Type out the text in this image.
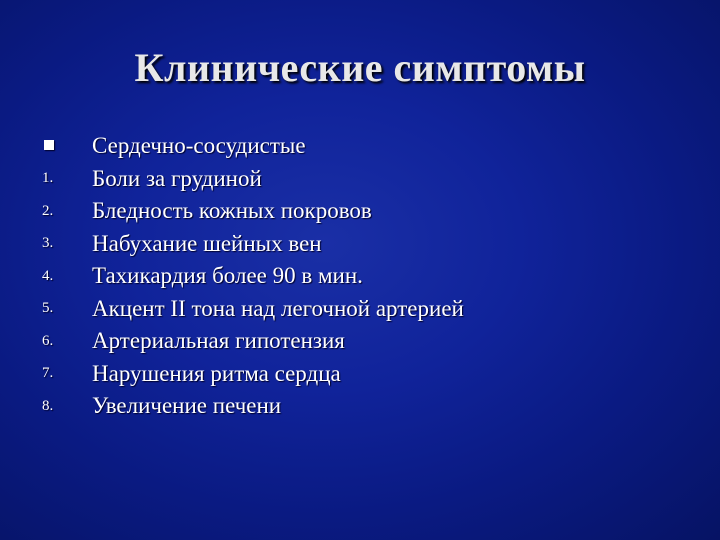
Клинические симптомы
Сердечно-сосудистые
1.	Боли за грудиной
2.	Бледность кожных покровов
3.	Набухание шейных вен
4.	Тахикардия более 90 в мин.
5.	Акцент II тона над легочной артерией
6.	Артериальная гипотензия
7.	Нарушения ритма сердца
8.	Увеличение печени
